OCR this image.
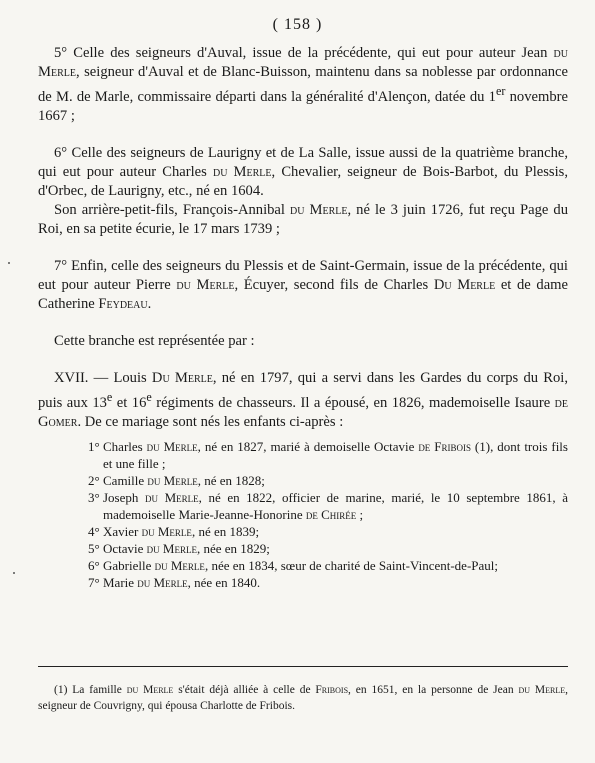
( 158 )

5° Celle des seigneurs d'Auval, issue de la précédente, qui eut pour auteur Jean du Merle, seigneur d'Auval et de Blanc-Buisson, maintenu dans sa noblesse par ordonnance de M. de Marle, commissaire départi dans la généralité d'Alençon, datée du 1er novembre 1667 ;

6° Celle des seigneurs de Laurigny et de La Salle, issue aussi de la quatrième branche, qui eut pour auteur Charles du Merle, Chevalier, seigneur de Bois-Barbot, du Plessis, d'Orbec, de Laurigny, etc., né en 1604.

Son arrière-petit-fils, François-Annibal du Merle, né le 3 juin 1726, fut reçu Page du Roi, en sa petite écurie, le 17 mars 1739 ;

7° Enfin, celle des seigneurs du Plessis et de Saint-Germain, issue de la précédente, qui eut pour auteur Pierre du Merle, Écuyer, second fils de Charles Du Merle et de dame Catherine Feydeau.

Cette branche est représentée par :

XVII. — Louis Du Merle, né en 1797, qui a servi dans les Gardes du corps du Roi, puis aux 13e et 16e régiments de chasseurs. Il a épousé, en 1826, mademoiselle Isaure de Gomer. De ce mariage sont nés les enfants ci-après :

1° Charles du Merle, né en 1827, marié à demoiselle Octavie de Fribois (1), dont trois fils et une fille ;
2° Camille du Merle, né en 1828;
3° Joseph du Merle, né en 1822, officier de marine, marié, le 10 septembre 1861, à mademoiselle Marie-Jeanne-Honorine de Chirée ;
4° Xavier du Merle, né en 1839;
5° Octavie du Merle, née en 1829;
6° Gabrielle du Merle, née en 1834, sœur de charité de Saint-Vincent-de-Paul;
7° Marie du Merle, née en 1840.
(1) La famille du Merle s'était déjà alliée à celle de Fribois, en 1651, en la personne de Jean du Merle, seigneur de Couvrigny, qui épousa Charlotte de Fribois.
